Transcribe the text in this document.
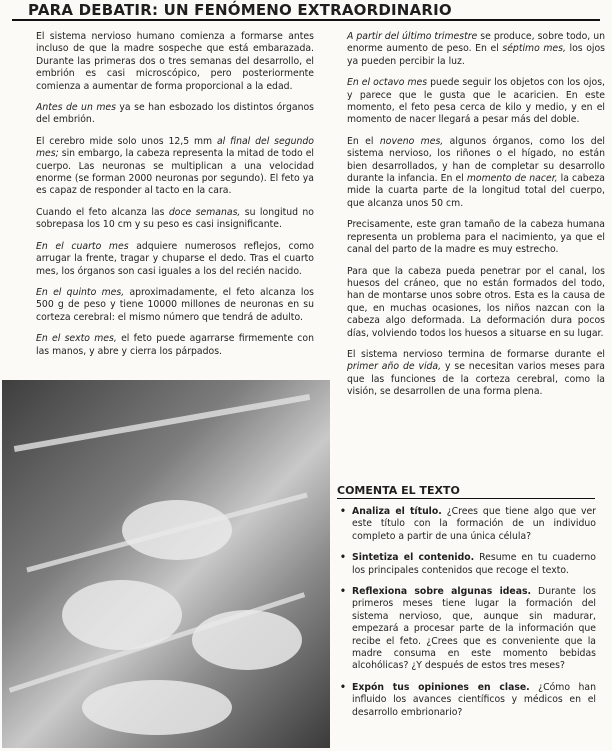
PARA DEBATIR: UN FENÓMENO EXTRAORDINARIO

El sistema nervioso humano comienza a formarse antes incluso de que la madre sospeche que está embarazada. Durante las primeras dos o tres semanas del desarrollo, el embrión es casi microscópico, pero posteriormente comienza a aumentar de forma proporcional a la edad.

Antes de un mes ya se han esbozado los distintos órganos del embrión.

El cerebro mide solo unos 12,5 mm al final del segundo mes; sin embargo, la cabeza representa la mitad de todo el cuerpo. Las neuronas se multiplican a una velocidad enorme (se forman 2000 neuronas por segundo). El feto ya es capaz de responder al tacto en la cara.

Cuando el feto alcanza las doce semanas, su longitud no sobrepasa los 10 cm y su peso es casi insignificante.

En el cuarto mes adquiere numerosos reflejos, como arrugar la frente, tragar y chuparse el dedo. Tras el cuarto mes, los órganos son casi iguales a los del recién nacido.

En el quinto mes, aproximadamente, el feto alcanza los 500 g de peso y tiene 10000 millones de neuronas en su corteza cerebral: el mismo número que tendrá de adulto.

En el sexto mes, el feto puede agarrarse firmemente con las manos, y abre y cierra los párpados.

A partir del último trimestre se produce, sobre todo, un enorme aumento de peso. En el séptimo mes, los ojos ya pueden percibir la luz.

En el octavo mes puede seguir los objetos con los ojos, y parece que le gusta que le acaricien. En este momento, el feto pesa cerca de kilo y medio, y en el momento de nacer llegará a pesar más del doble.

En el noveno mes, algunos órganos, como los del sistema nervioso, los riñones o el hígado, no están bien desarrollados, y han de completar su desarrollo durante la infancia. En el momento de nacer, la cabeza mide la cuarta parte de la longitud total del cuerpo, que alcanza unos 50 cm.

Precisamente, este gran tamaño de la cabeza humana representa un problema para el nacimiento, ya que el canal del parto de la madre es muy estrecho.

Para que la cabeza pueda penetrar por el canal, los huesos del cráneo, que no están formados del todo, han de montarse unos sobre otros. Esta es la causa de que, en muchas ocasiones, los niños nazcan con la cabeza algo deformada. La deformación dura pocos días, volviendo todos los huesos a situarse en su lugar.

El sistema nervioso termina de formarse durante el primer año de vida, y se necesitan varios meses para que las funciones de la corteza cerebral, como la visión, se desarrollen de una forma plena.

COMENTA EL TEXTO
• Analiza el título. ¿Crees que tiene algo que ver este título con la formación de un individuo completo a partir de una única célula?
• Sintetiza el contenido. Resume en tu cuaderno los principales contenidos que recoge el texto.
• Reflexiona sobre algunas ideas. Durante los primeros meses tiene lugar la formación del sistema nervioso, que, aunque sin madurar, empezará a procesar parte de la información que recibe el feto. ¿Crees que es conveniente que la madre consuma en este momento bebidas alcohólicas? ¿Y después de estos tres meses?
• Expón tus opiniones en clase. ¿Cómo han influido los avances científicos y médicos en el desarrollo embrionario?
